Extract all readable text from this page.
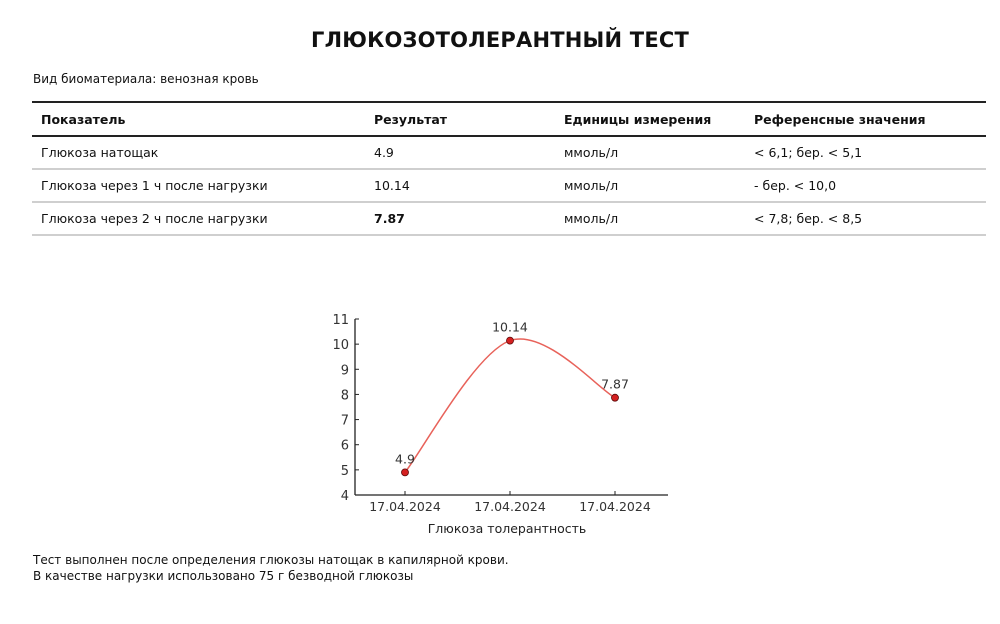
ГЛЮКОЗОТОЛЕРАНТНЫЙ ТЕСТ
Вид биоматериала: венозная кровь
Показатель	Результат	Единицы измерения	Референсные значения
Глюкоза натощак	4.9	ммоль/л	< 6,1; бер. < 5,1
Глюкоза через 1 ч после нагрузки	10.14	ммоль/л	- бер. < 10,0
Глюкоза через 2 ч после нагрузки	7.87	ммоль/л	< 7,8; бер. < 8,5
4
5
6
7
8
9
10
11
17.04.2024	17.04.2024	17.04.2024
4.9
10.14
7.87
Глюкоза толерантность
Тест выполнен после определения глюкозы натощак в капилярной крови.
В качестве нагрузки использовано 75 г безводной глюкозы
